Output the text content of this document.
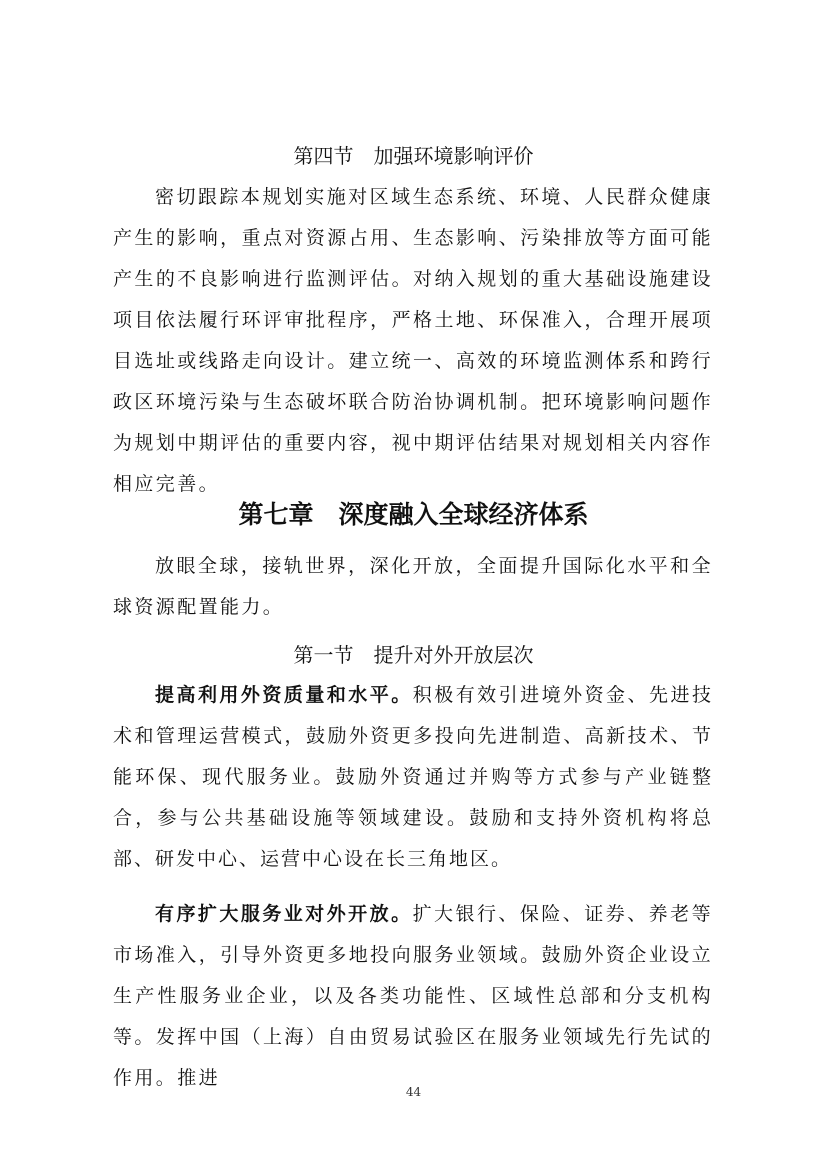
第四节　加强环境影响评价

密切跟踪本规划实施对区域生态系统、环境、人民群众健康产生的影响，重点对资源占用、生态影响、污染排放等方面可能产生的不良影响进行监测评估。对纳入规划的重大基础设施建设项目依法履行环评审批程序，严格土地、环保准入，合理开展项目选址或线路走向设计。建立统一、高效的环境监测体系和跨行政区环境污染与生态破坏联合防治协调机制。把环境影响问题作为规划中期评估的重要内容，视中期评估结果对规划相关内容作相应完善。

第七章　深度融入全球经济体系

放眼全球，接轨世界，深化开放，全面提升国际化水平和全球资源配置能力。

第一节　提升对外开放层次

提高利用外资质量和水平。积极有效引进境外资金、先进技术和管理运营模式，鼓励外资更多投向先进制造、高新技术、节能环保、现代服务业。鼓励外资通过并购等方式参与产业链整合，参与公共基础设施等领域建设。鼓励和支持外资机构将总部、研发中心、运营中心设在长三角地区。

有序扩大服务业对外开放。扩大银行、保险、证券、养老等市场准入，引导外资更多地投向服务业领域。鼓励外资企业设立生产性服务业企业，以及各类功能性、区域性总部和分支机构等。发挥中国（上海）自由贸易试验区在服务业领域先行先试的作用。推进

44
